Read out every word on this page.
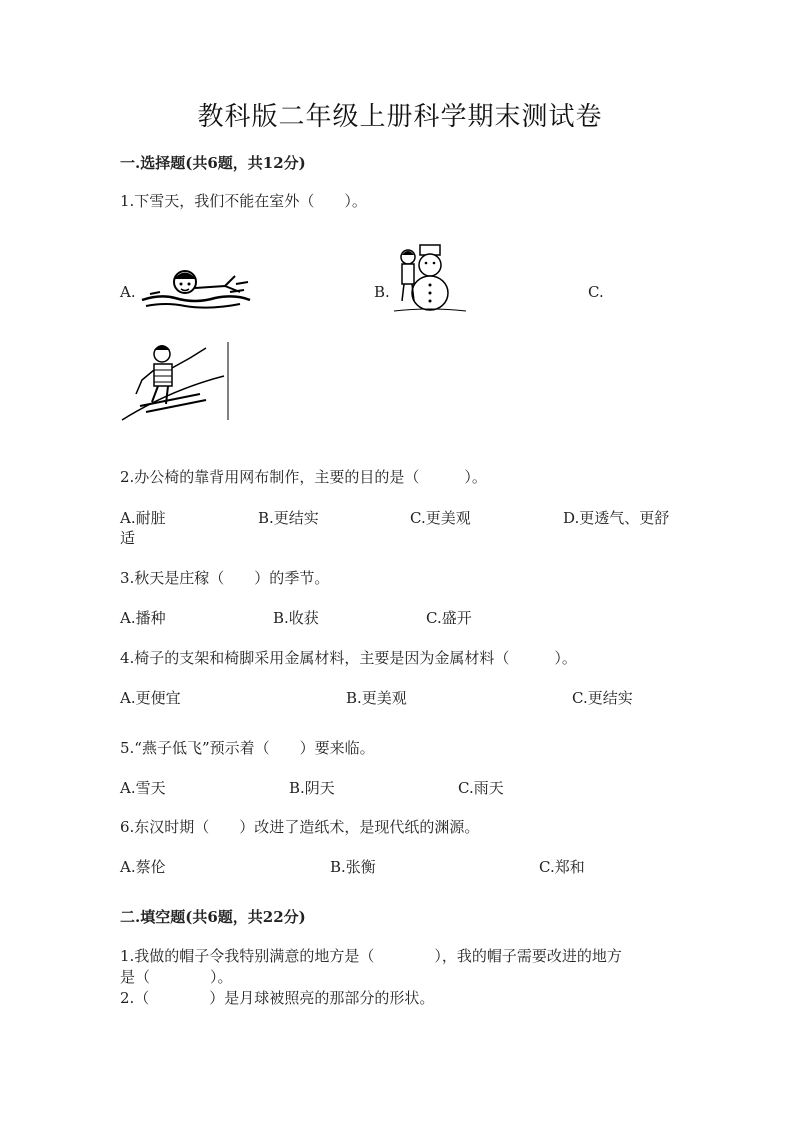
教科版二年级上册科学期末测试卷
一.选择题(共6题，共12分)
1.下雪天，我们不能在室外（　　）。
A.	B.	C.
2.办公椅的靠背用网布制作，主要的目的是（　　　）。
A.耐脏	B.更结实	C.更美观	D.更透气、更舒
适
3.秋天是庄稼（　　）的季节。
A.播种	B.收获	C.盛开
4.椅子的支架和椅脚采用金属材料，主要是因为金属材料（　　　）。
A.更便宜	B.更美观	C.更结实
5.“燕子低飞”预示着（　　）要来临。
A.雪天	B.阴天	C.雨天
6.东汉时期（　　）改进了造纸术，是现代纸的渊源。
A.蔡伦	B.张衡	C.郑和
二.填空题(共6题，共22分)
1.我做的帽子令我特别满意的地方是（　　　　），我的帽子需要改进的地方
是（　　　　）。
2.（　　　　）是月球被照亮的那部分的形状。
